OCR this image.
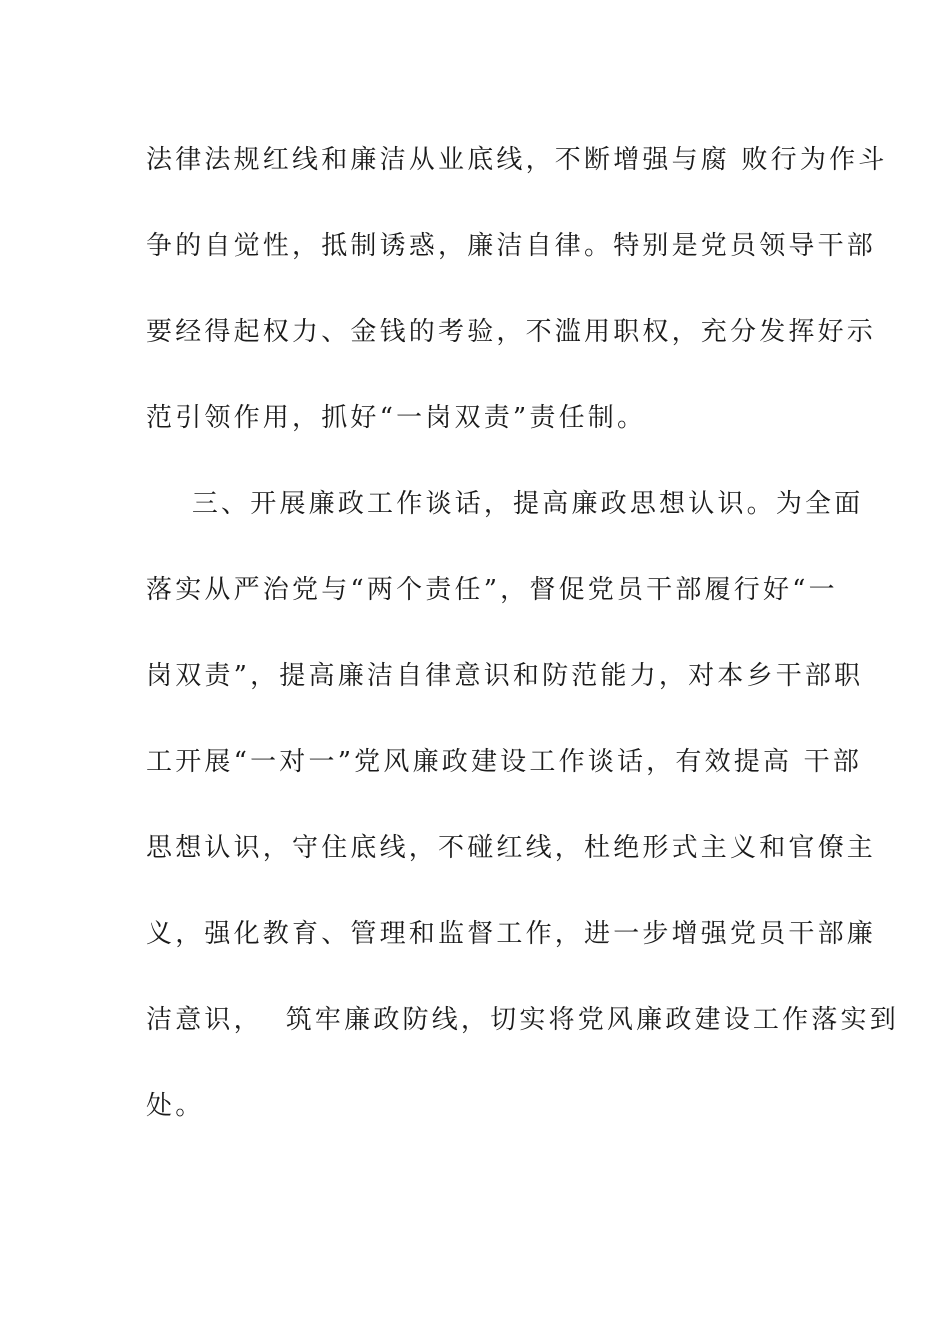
法律法规红线和廉洁从业底线，不断增强与腐 败行为作斗
争的自觉性，抵制诱惑，廉洁自律。特别是党员领导干部
要经得起权力、金钱的考验，不滥用职权，充分发挥好示
范引领作用，抓好“一岗双责”责任制。
三、开展廉政工作谈话，提高廉政思想认识。为全面
落实从严治党与“两个责任”，督促党员干部履行好“一
岗双责”，提高廉洁自律意识和防范能力，对本乡干部职
工开展“一对一”党风廉政建设工作谈话，有效提高 干部
思想认识，守住底线，不碰红线，杜绝形式主义和官僚主
义，强化教育、管理和监督工作，进一步增强党员干部廉
洁意识，  筑牢廉政防线，切实将党风廉政建设工作落实到
处。
